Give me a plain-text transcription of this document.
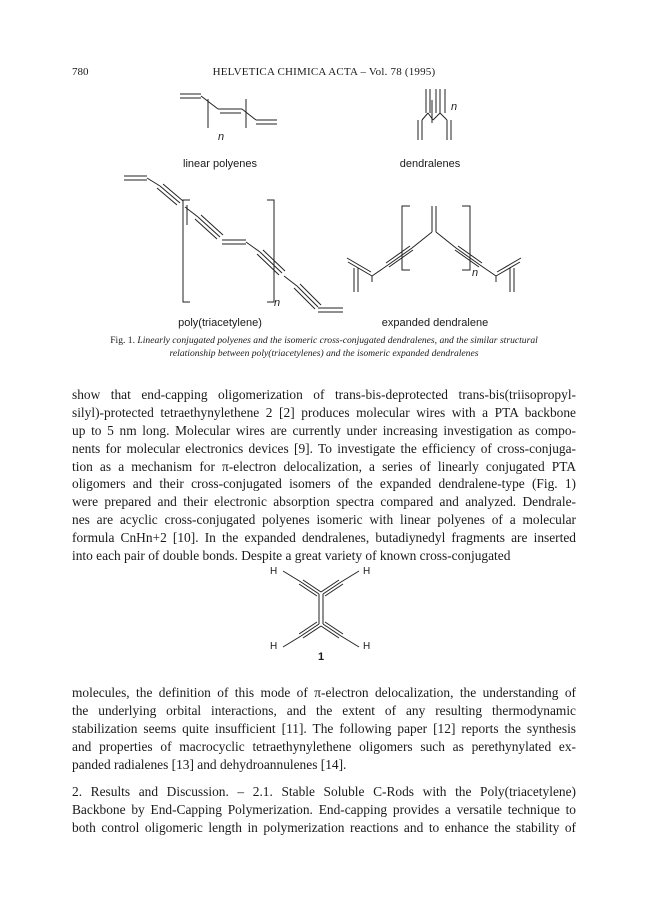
780	HELVETICA CHIMICA ACTA – Vol. 78 (1995)
n
n
n
n
linear polyenes	dendralenes
poly(triacetylene)	expanded dendralene
Fig. 1. Linearly conjugated polyenes and the isomeric cross-conjugated dendralenes, and the similar structural relationship between poly(triacetylenes) and the isomeric expanded dendralenes
show that end-capping oligomerization of trans-bis-deprotected trans-bis(triisopropyl-
silyl)-protected tetraethynylethene 2 [2] produces molecular wires with a PTA backbone
up to 5 nm long. Molecular wires are currently under increasing investigation as compo-
nents for molecular electronics devices [9]. To investigate the efficiency of cross-conjuga-
tion as a mechanism for π-electron delocalization, a series of linearly conjugated PTA
oligomers and their cross-conjugated isomers of the expanded dendralene-type (Fig. 1)
were prepared and their electronic absorption spectra compared and analyzed. Dendrale-
nes are acyclic cross-conjugated polyenes isomeric with linear polyenes of a molecular
formula CnHn+2 [10]. In the expanded dendralenes, butadiynedyl fragments are inserted
into each pair of double bonds. Despite a great variety of known cross-conjugated
H	H
H	H
1
molecules, the definition of this mode of π-electron delocalization, the understanding of
the underlying orbital interactions, and the extent of any resulting thermodynamic
stabilization seems quite insufficient [11]. The following paper [12] reports the synthesis
and properties of macrocyclic tetraethynylethene oligomers such as perethynylated ex-
panded radialenes [13] and dehydroannulenes [14].
2. Results and Discussion. – 2.1. Stable Soluble C-Rods with the Poly(triacetylene)
Backbone by End-Capping Polymerization. End-capping provides a versatile technique to
both control oligomeric length in polymerization reactions and to enhance the stability of
